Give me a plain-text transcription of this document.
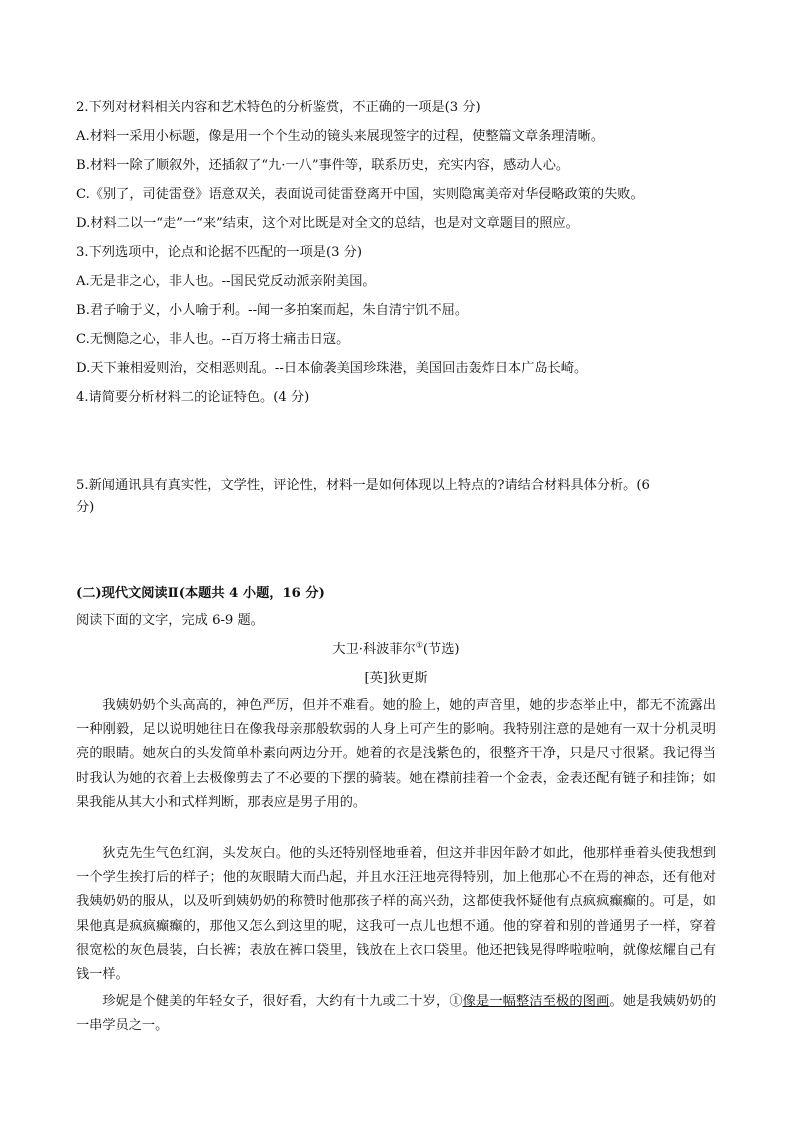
2.下列对材料相关内容和艺术特色的分析鉴赏，不正确的一项是(3 分)
A.材料一采用小标题，像是用一个个生动的镜头来展现签字的过程，使整篇文章条理清晰。
B.材料一除了顺叙外，还插叙了“九·一八”事件等，联系历史，充实内容，感动人心。
C.《别了，司徒雷登》语意双关，表面说司徒雷登离开中国，实则隐寓美帝对华侵略政策的失败。
D.材料二以一“走”一“来”结束，这个对比既是对全文的总结，也是对文章题目的照应。
3.下列选项中，论点和论据不匹配的一项是(3 分)
A.无是非之心，非人也。--国民党反动派亲附美国。
B.君子喻于义，小人喻于利。--闻一多拍案而起，朱自清宁饥不屈。
C.无恻隐之心，非人也。--百万将士痛击日寇。
D.天下兼相爱则治，交相恶则乱。--日本偷袭美国珍珠港，美国回击轰炸日本广岛长崎。
4.请简要分析材料二的论证特色。(4 分)
5.新闻通讯具有真实性，文学性，评论性，材料一是如何体现以上特点的?请结合材料具体分析。(6
分)
(二)现代文阅读Ⅱ(本题共 4 小题，16 分)
阅读下面的文字，完成 6-9 题。
大卫·科波菲尔①(节选)
[英]狄更斯
我姨奶奶个头高高的，神色严厉，但并不难看。她的脸上，她的声音里，她的步态举止中，都无不流露出一种刚毅，足以说明她往日在像我母亲那般软弱的人身上可产生的影响。我特别注意的是她有一双十分机灵明亮的眼睛。她灰白的头发简单朴素向两边分开。她着的衣是浅紫色的，很整齐干净，只是尺寸很紧。我记得当时我认为她的衣着上去极像剪去了不必要的下摆的骑装。她在襟前挂着一个金表，金表还配有链子和挂饰；如果我能从其大小和式样判断，那表应是男子用的。
狄克先生气色红润，头发灰白。他的头还特别怪地垂着，但这并非因年龄才如此，他那样垂着头使我想到一个学生挨打后的样子；他的灰眼睛大而凸起，并且水汪汪地亮得特别，加上他那心不在焉的神态，还有他对我姨奶奶的服从，以及听到姨奶奶的称赞时他那孩子样的高兴劲，这都使我怀疑他有点疯疯癫癫的。可是，如果他真是疯疯癫癫的，那他又怎么到这里的呢，这我可一点儿也想不通。他的穿着和别的普通男子一样，穿着很宽松的灰色晨装，白长裤；表放在裤口袋里，钱放在上衣口袋里。他还把钱晃得哗啦啦响，就像炫耀自己有钱一样。
珍妮是个健美的年轻女子，很好看，大约有十九或二十岁，①像是一幅整洁至极的图画。她是我姨奶奶的一串学员之一。
